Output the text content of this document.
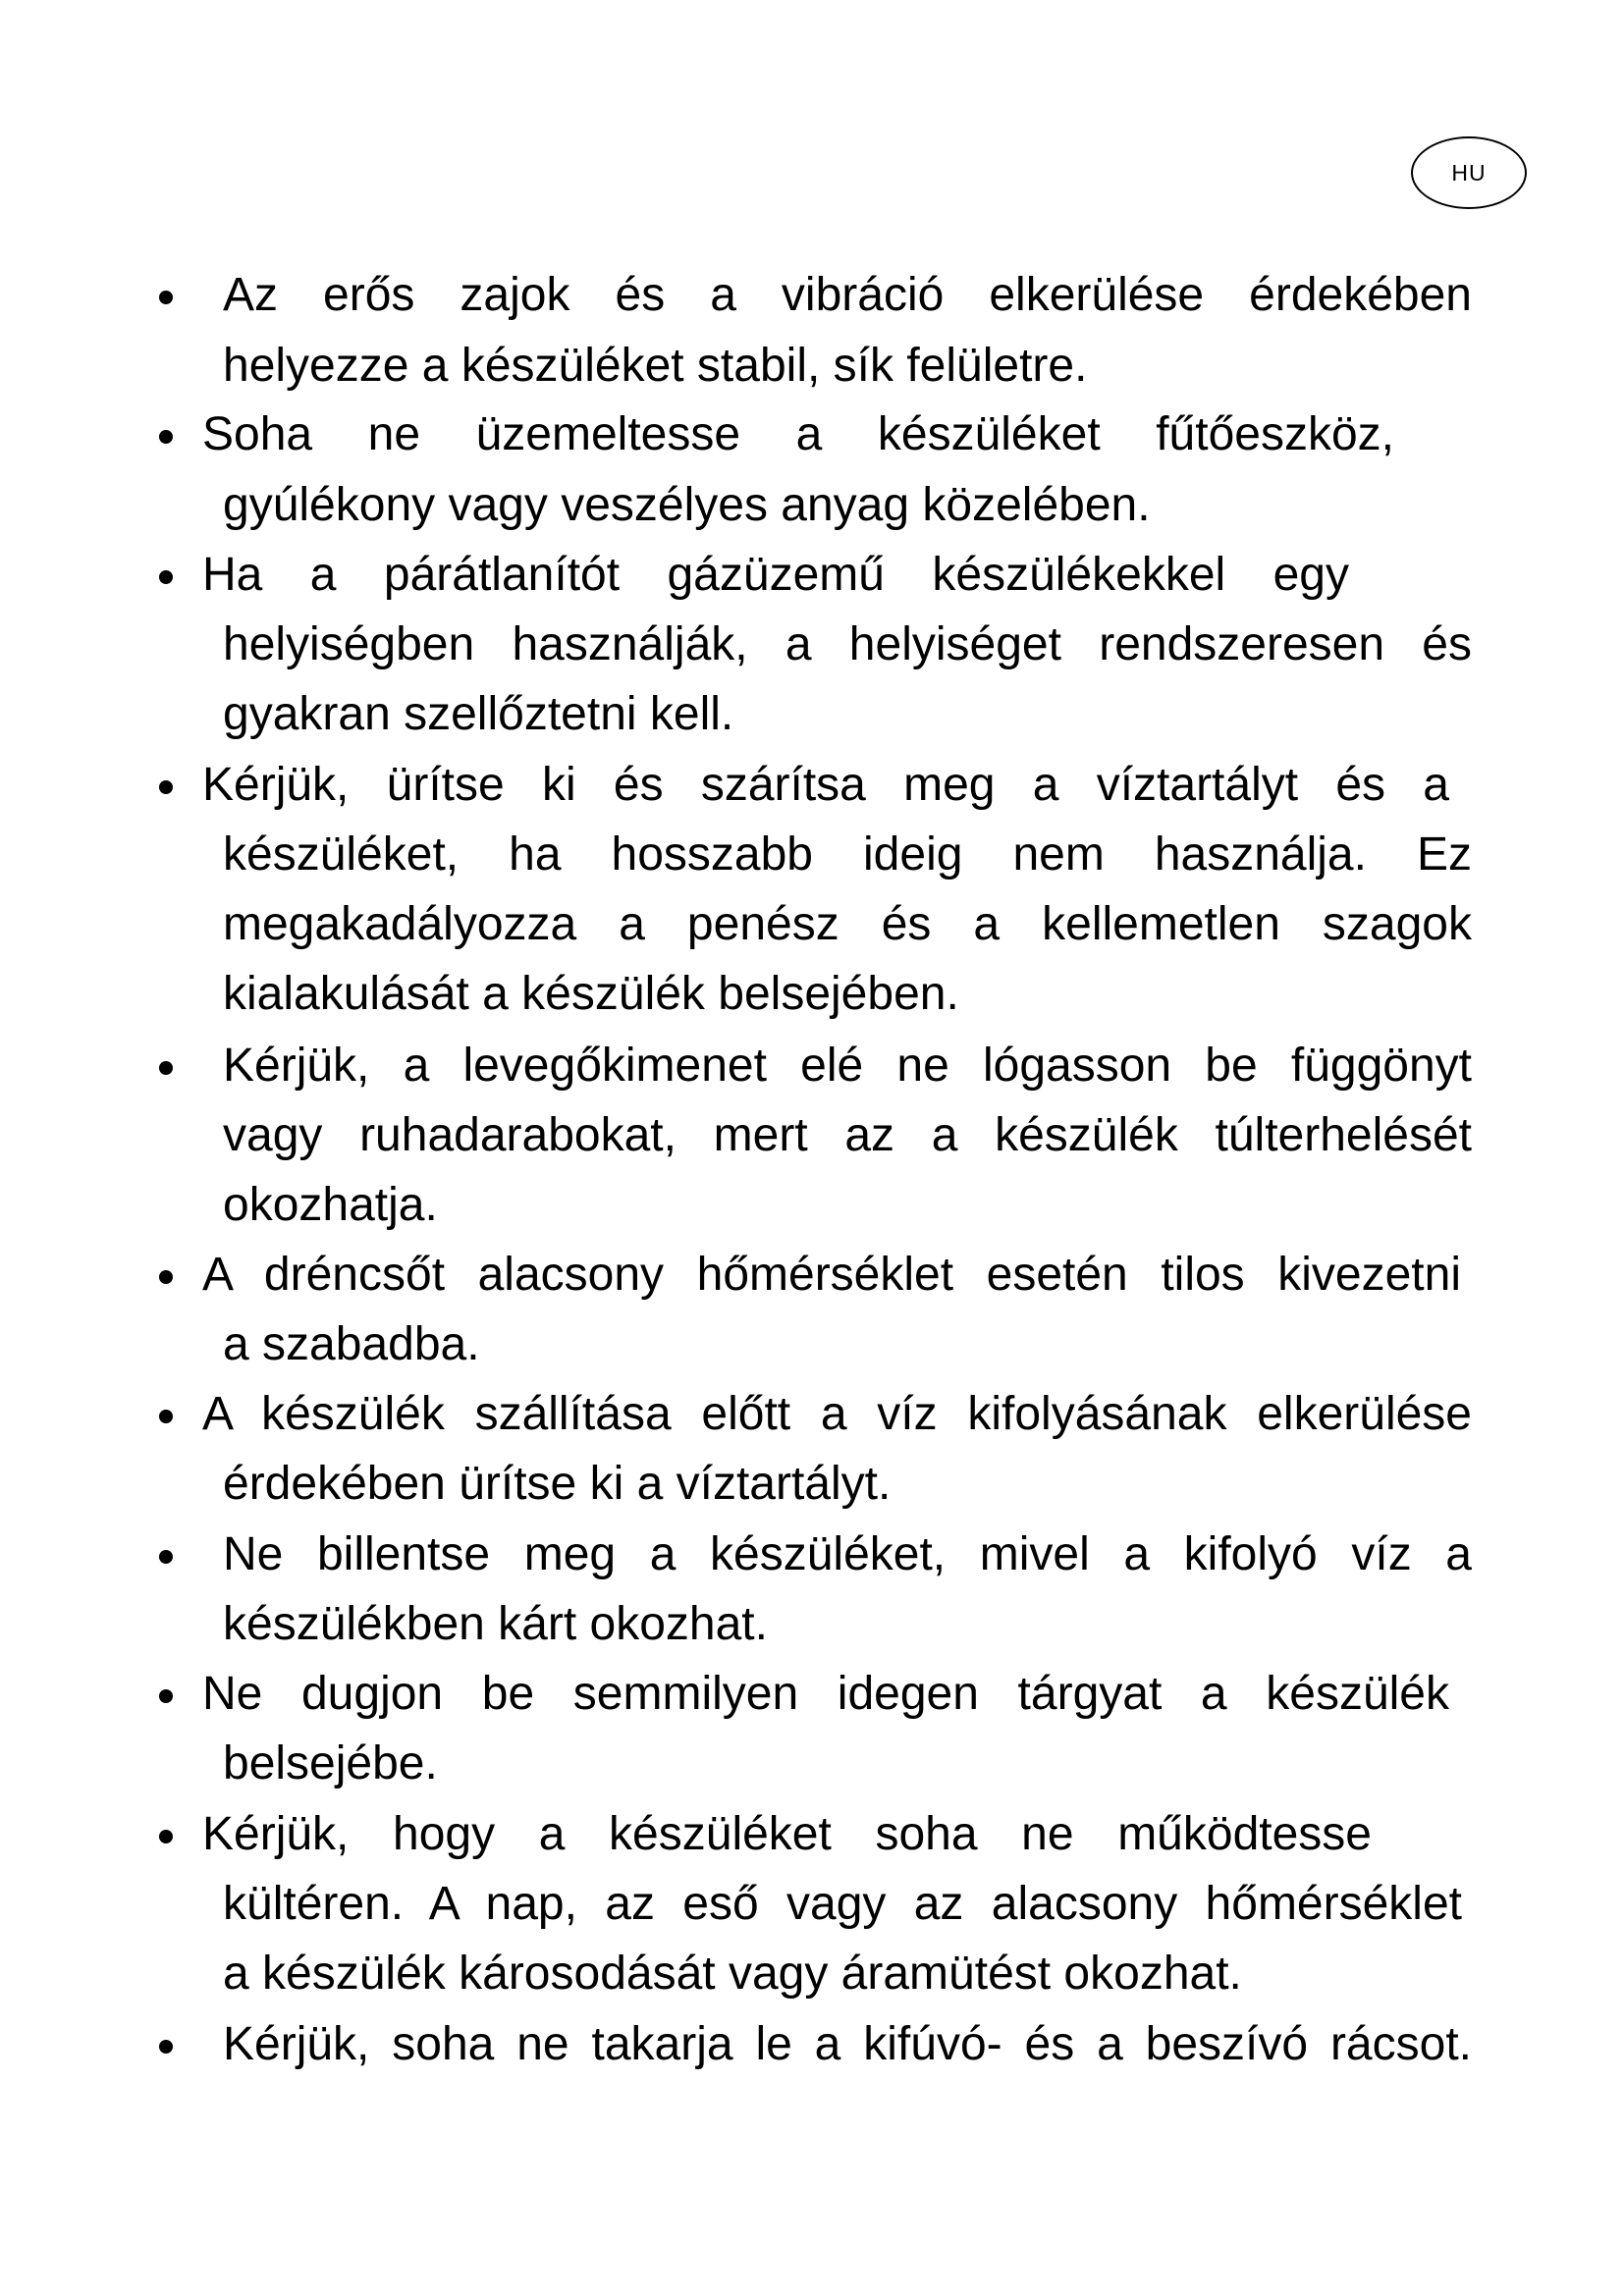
HU
Az erős zajok és a vibráció elkerülése érdekében
helyezze a készüléket stabil, sík felületre.
Soha ne üzemeltesse a készüléket fűtőeszköz,
gyúlékony vagy veszélyes anyag közelében.
Ha a párátlanítót gázüzemű készülékekkel egy
helyiségben használják, a helyiséget rendszeresen és
gyakran szellőztetni kell.
Kérjük, ürítse ki és szárítsa meg a víztartályt és a
készüléket, ha hosszabb ideig nem használja. Ez
megakadályozza a penész és a kellemetlen szagok
kialakulását a készülék belsejében.
Kérjük, a levegőkimenet elé ne lógasson be függönyt
vagy ruhadarabokat, mert az a készülék túlterhelését
okozhatja.
A dréncsőt alacsony hőmérséklet esetén tilos kivezetni
a szabadba.
A készülék szállítása előtt a víz kifolyásának elkerülése
érdekében ürítse ki a víztartályt.
Ne billentse meg a készüléket, mivel a kifolyó víz a
készülékben kárt okozhat.
Ne dugjon be semmilyen idegen tárgyat a készülék
belsejébe.
Kérjük, hogy a készüléket soha ne működtesse
kültéren. A nap, az eső vagy az alacsony hőmérséklet
a készülék károsodását vagy áramütést okozhat.
Kérjük, soha ne takarja le a kifúvó- és a beszívó rácsot.
